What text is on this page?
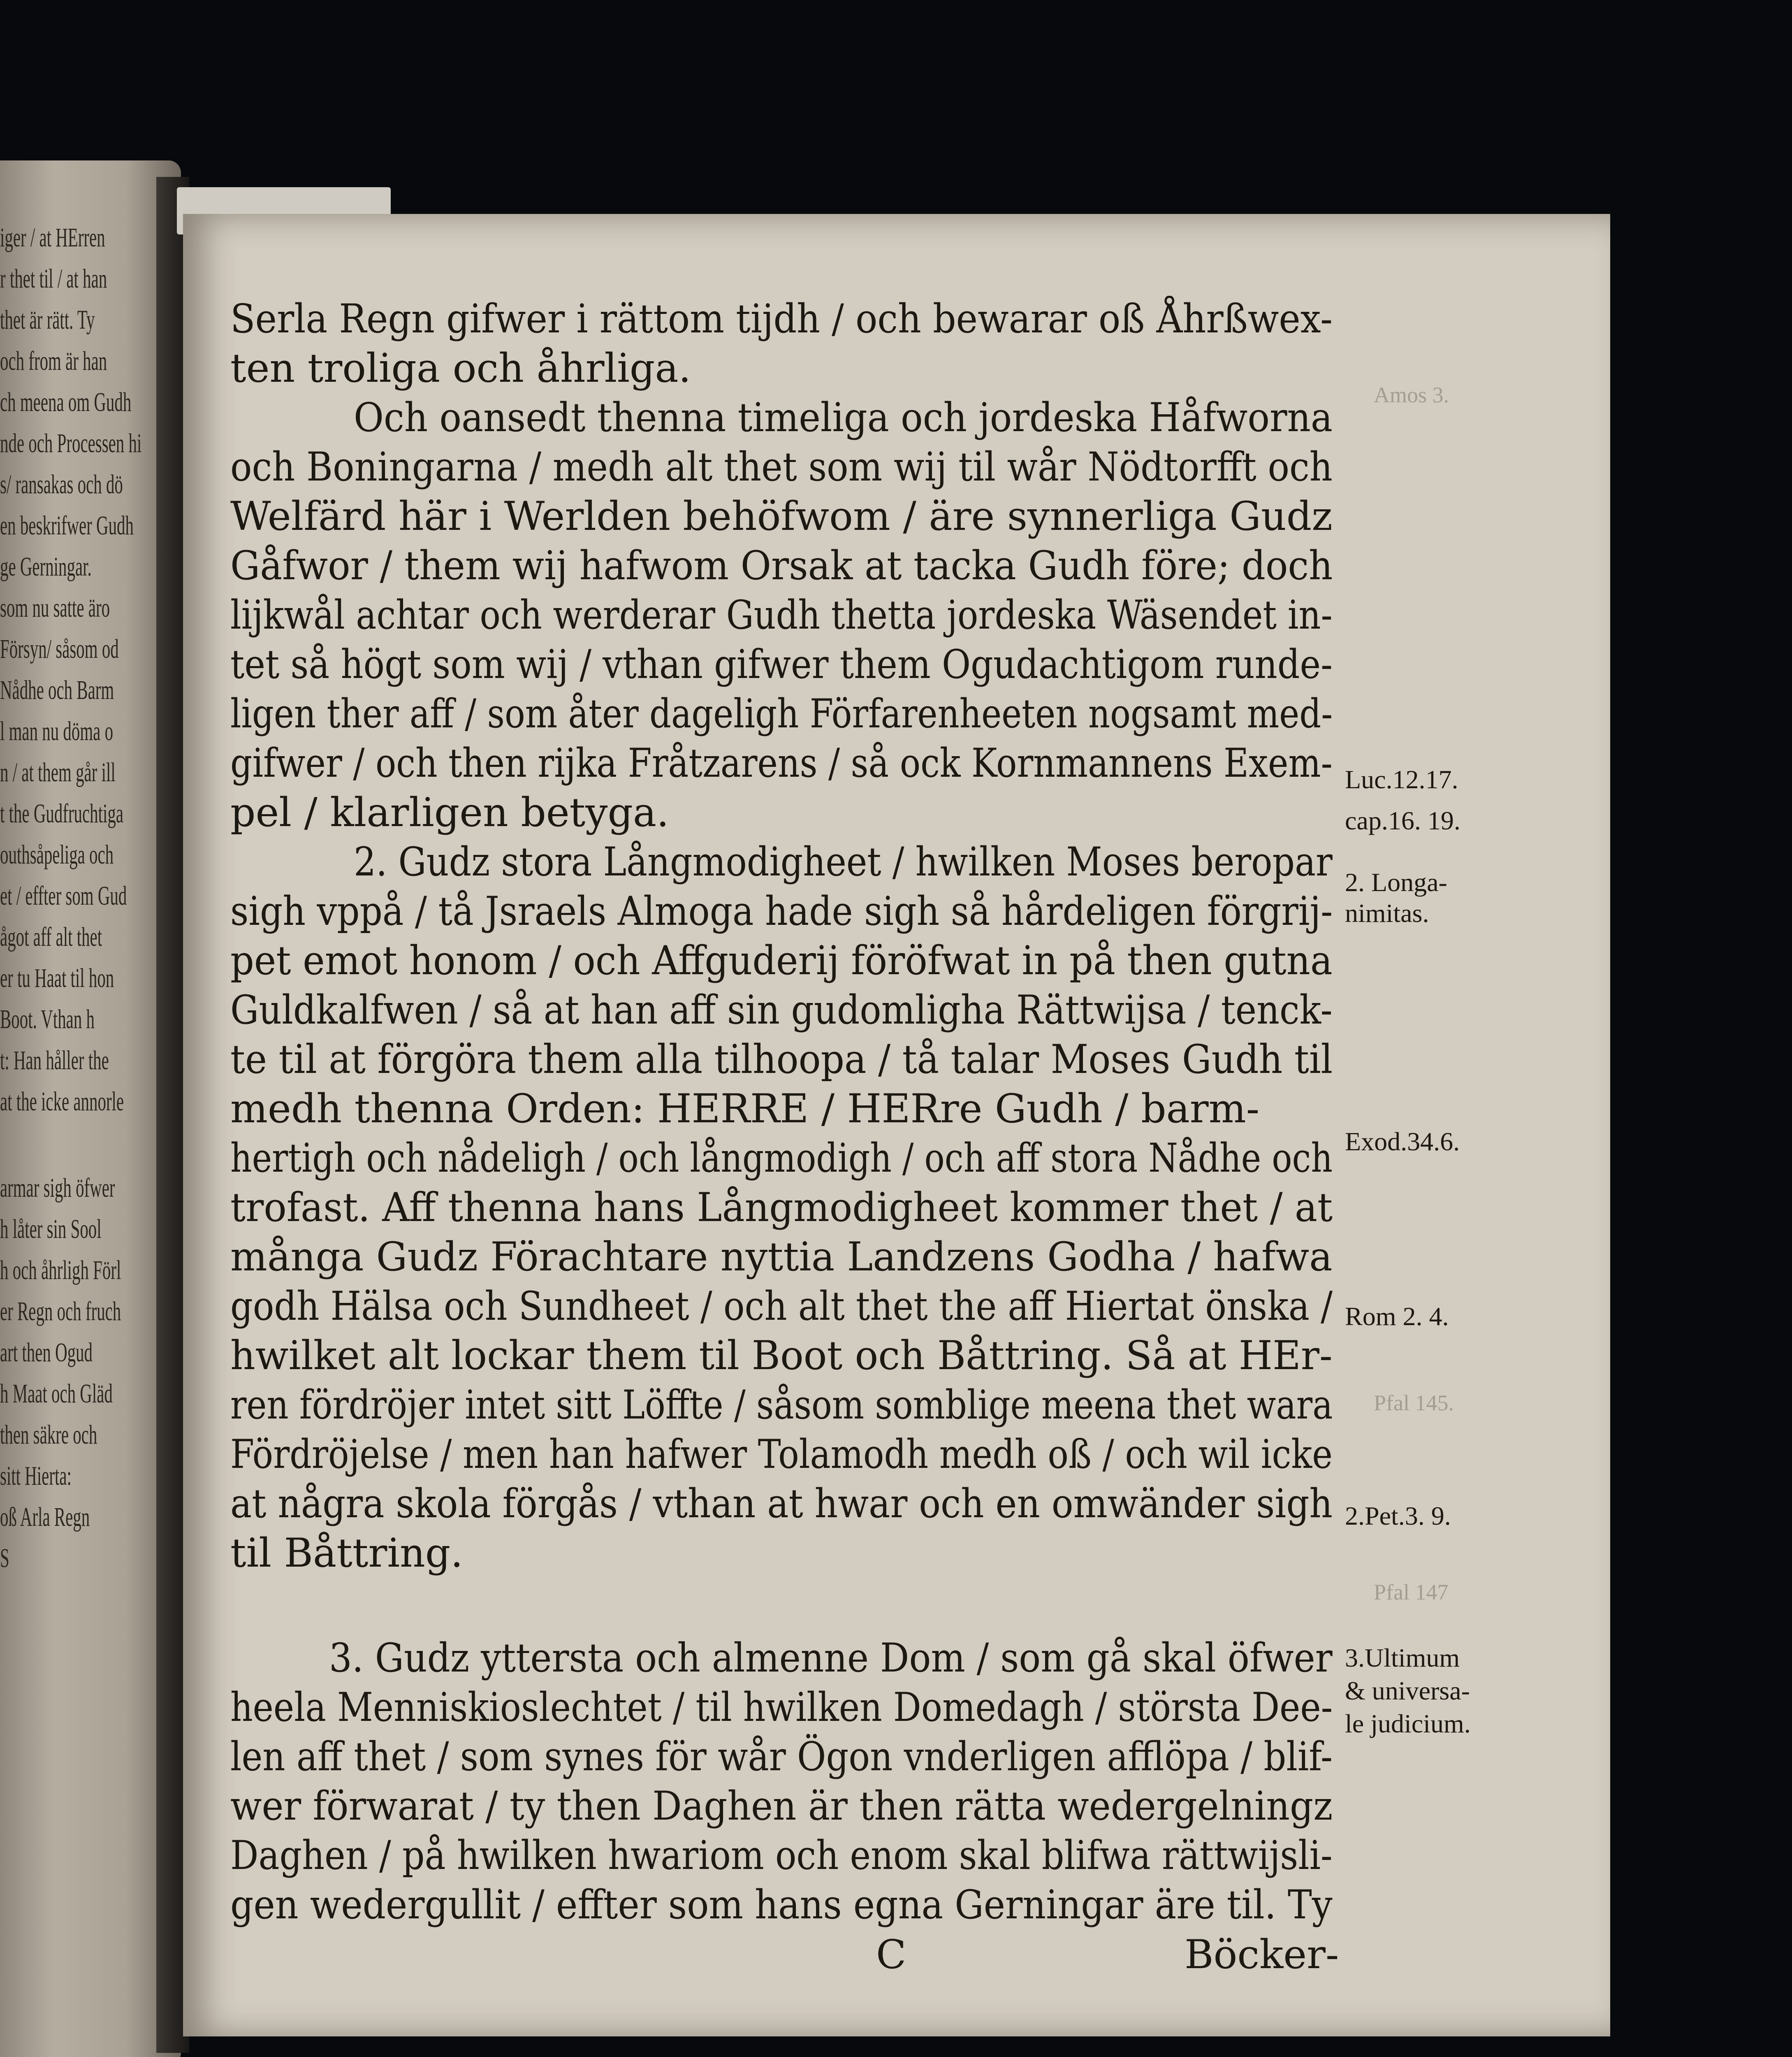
iger / at HErren
r thet til / at han
thet är rätt. Ty
och from är han
ch meena om Gudh
nde och Processen hi
s/ ransakas och dö
en beskrifwer Gudh
ge Gerningar.
som nu satte äro
Försyn/ såsom od
Nådhe och Barm
l man nu döma o
n / at them går ill
t the Gudfruchtiga
outhsåpeliga och
et / effter som Gud
ågot aff alt thet
er tu Haat til hon
Boot. Vthan h
t: Han håller the
at the icke annorle
armar sigh öfwer
h låter sin Sool
h och åhrligh Förl
er Regn och fruch
art then Ogud
h Maat och Gläd
then säkre och
sitt Hierta:
oß Arla Regn
S
Serla Regn gifwer i rättom tijdh / och bewarar oß Åhrßwex-
ten troliga och åhrliga.
Och oansedt thenna timeliga och jordeska Håfworna
och Boningarna / medh alt thet som wij til wår Nödtorfft och
Welfärd här i Werlden behöfwom / äre synnerliga Gudz
Gåfwor / them wij hafwom Orsak at tacka Gudh före; doch
lijkwål achtar och werderar Gudh thetta jordeska Wäsendet in-
tet så högt som wij / vthan gifwer them Ogudachtigom runde-
ligen ther aff / som åter dageligh Förfarenheeten nogsamt med-
gifwer / och then rijka Fråtzarens / så ock Kornmannens Exem-
pel / klarligen betyga.
2. Gudz stora Långmodigheet / hwilken Moses beropar
sigh vppå / tå Jsraels Almoga hade sigh så hårdeligen förgrij-
pet emot honom / och Affguderij föröfwat in på then gutna
Guldkalfwen / så at han aff sin gudomligha Rättwijsa / tenck-
te til at förgöra them alla tilhoopa / tå talar Moses Gudh til
medh thenna Orden: HERRE / HERre Gudh / barm-
hertigh och nådeligh / och långmodigh / och aff stora Nådhe och
trofast. Aff thenna hans Långmodigheet kommer thet / at
många Gudz Förachtare nyttia Landzens Godha / hafwa
godh Hälsa och Sundheet / och alt thet the aff Hiertat önska /
hwilket alt lockar them til Boot och Båttring. Så at HEr-
ren fördröjer intet sitt Löffte / såsom somblige meena thet wara
Fördröjelse / men han hafwer Tolamodh medh oß / och wil icke
at några skola förgås / vthan at hwar och en omwänder sigh
til Båttring.
3. Gudz yttersta och almenne Dom / som gå skal öfwer
heela Menniskioslechtet / til hwilken Domedagh / största Dee-
len aff thet / som synes för wår Ögon vnderligen afflöpa / blif-
wer förwarat / ty then Daghen är then rätta wedergelningz
Daghen / på hwilken hwariom och enom skal blifwa rättwijsli-
gen wedergullit / effter som hans egna Gerningar äre til. Ty
C	Böcker-
Luc.12.17.
cap.16. 19.
2. Longa-
nimitas.
Exod.34.6.
Rom 2. 4.
2.Pet.3. 9.
3.Ultimum
& universa-
le judicium.
Amos 3.
Pfal 145.
Pfal 147
